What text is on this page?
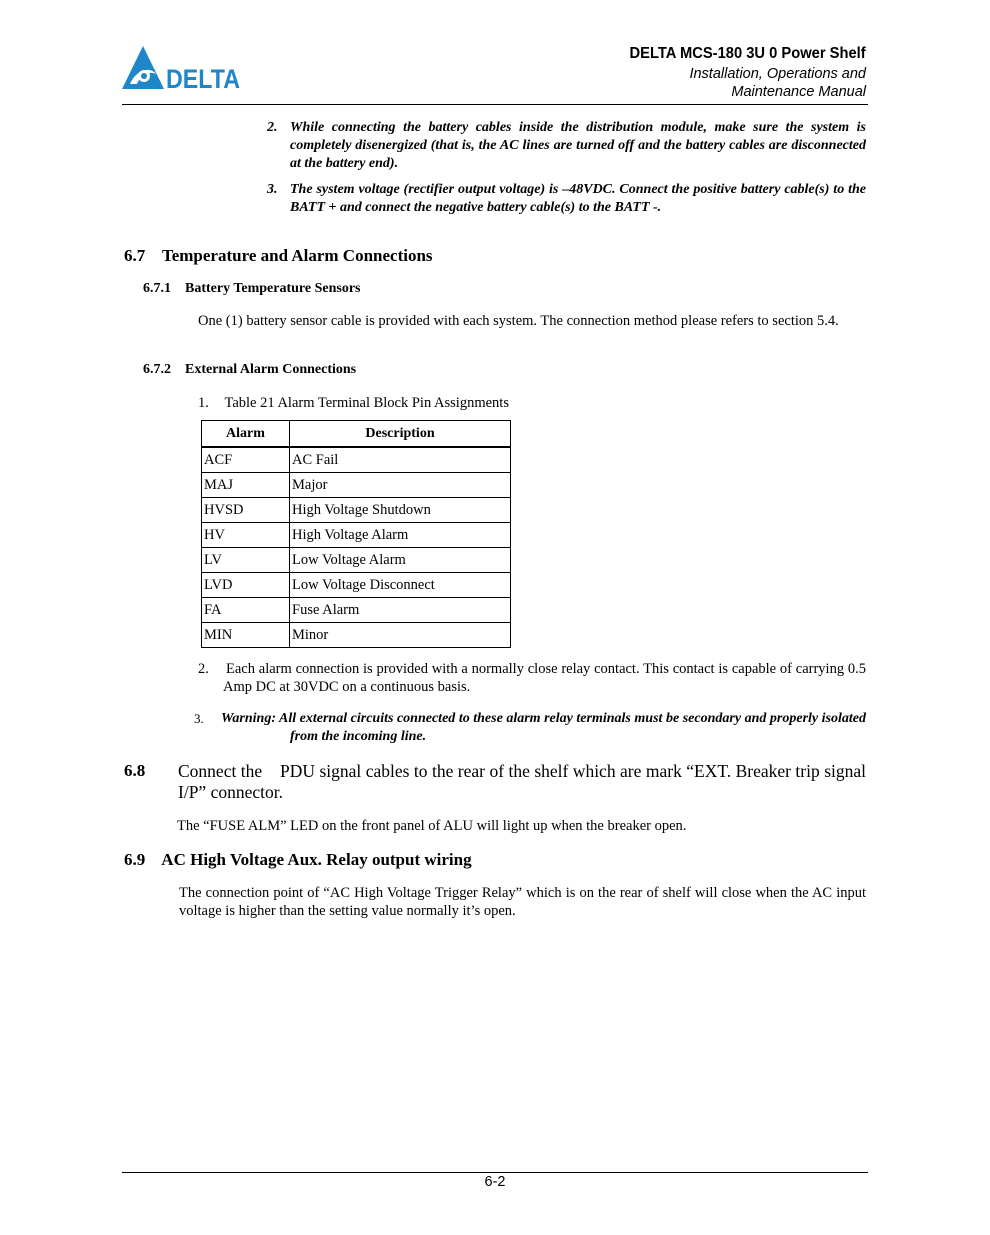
DELTA
DELTA MCS-180 3U 0 Power Shelf
Installation, Operations and
Maintenance Manual
2. While connecting the battery cables inside the distribution module, make sure the system is completely disenergized (that is, the AC lines are turned off and the battery cables are disconnected at the battery end).
3. The system voltage (rectifier output voltage) is –48VDC. Connect the positive battery cable(s) to the BATT + and connect the negative battery cable(s) to the BATT -.
6.7    Temperature and Alarm Connections
6.7.1    Battery Temperature Sensors
One (1) battery sensor cable is provided with each system. The connection method please refers to section 5.4.
6.7.2    External Alarm Connections
1. Table 21 Alarm Terminal Block Pin Assignments
Alarm	Description
ACF	AC Fail
MAJ	Major
HVSD	High Voltage Shutdown
HV	High Voltage Alarm
LV	Low Voltage Alarm
LVD	Low Voltage Disconnect
FA	Fuse Alarm
MIN	Minor
2. Each alarm connection is provided with a normally close relay contact. This contact is capable of carrying 0.5 Amp DC at 30VDC on a continuous basis.
3. Warning: All external circuits connected to these alarm relay terminals must be secondary and properly isolated from the incoming line.
6.8 Connect the    PDU signal cables to the rear of the shelf which are mark “EXT. Breaker trip signal I/P” connector.
The “FUSE ALM” LED on the front panel of ALU will light up when the breaker open.
6.9    AC High Voltage Aux. Relay output wiring
The connection point of “AC High Voltage Trigger Relay” which is on the rear of shelf will close when the AC input voltage is higher than the setting value normally it’s open.
6-2
